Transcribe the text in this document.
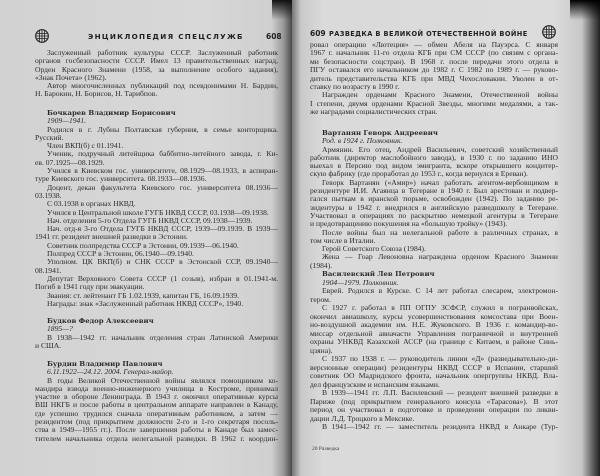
ЭНЦИКЛОПЕДИЯ СПЕЦСЛУЖБ	608
Заслуженный работник культуры СССР. Заслуженный работник
органов госбезопасности СССР. Имел 13 правительственных наград,
Орден Красного Знамени (1958, за выполнение особого задания),
«Знак Почета» (1962).
Автор многочисленных публикаций под псевдонимами Н. Бардин,
Н. Барокин, Н. Борисов, Н. Тарибпов.
Бочкарев Владимир Борисович
1909—1941.
Родился в г. Лубны Полтавская губерния, в семье конторщика.
Русский.
Член ВКП(б) с 01.1941.
Ученик, подручный литейщика баббитно-литейного завода, г. Ки-
ев. 07.1925—08.1929.
Учился в Киевском гос. университете, 08.1929—08.1933, в аспиран-
туре Киевского гос. университета. 08.1933—08.1936.
Доцент, декан факультета Киевского гос. университета 08.1936—
03.1938.
С 03.1938 в органах НКВД.
Учился в Центральной школе ГУГБ НКВД СССР, 03.1938—09.1938.
Нач. отделения 5-го Отдела ГУГБ НКВД СССР, 09.1938—1939.
Нач. отд-я 3-го Отдела ГУГБ НКВД СССР, 1939—09.1939. В 1939—
1941 гг. резидент внешней разведки в Эстонии.
Советник полпредства СССР в Эстонии, 09.1939—06.1940.
Полпред СССР в Эстонии, 06.1940—09.1940.
Уполном. ЦК ВКП(б) и СНК СССР в Эстонской ССР, 09.1940—
08.1941.
Депутат Верховного Совета СССР (1 созыв), избран в 01.1941-м.
Погиб в 1941 году при эвакуации.
Звания: ст. лейтенант ГБ 1.02.1939, капитан ГБ, 16.09.1939.
Награды: знак «Заслуженный работник НКВД СССР», 1940.
Будков Федор Алексеевич
1895—?
В 1938—1942 гг. начальник отделения стран Латинской Америки
и США.
Бурдин Владимир Павлович
6.11.1922—24.12. 2004. Генерал-майор.
В годы Великой Отечественной войны являлся помощником ко-
мандира взвода военно-инженерного училища в Костроме, принимал
участие в обороне Ленинграда. В 1943 г. окончил оперативные курсы
ВШ НКГБ и после работы в центральном аппарате направлен в Канаду,
где успешно трудился сначала оперативным работником, а затем —
резидентом (под прикрытием должности 2-го и 1-го секретаря посоль-
ства в 1949—1955 гг.). После завершения работы в Канаде был замес-
тителем начальника отдела нелегальной разведки. В 1962 г. координ-
609 РАЗВЕДКА В ВЕЛИКОЙ ОТЕЧЕСТВЕННОЙ ВОЙНЕ
ровал операцию «Лютеция» — обмен Абеля на Пауэрса. С января
1967 г. начальник 11-го отдела КГБ при СМ СССР (по связям с органа-
ми безопасности соцстран). В 1968 г. после передачи этого отдела в
ПГУ оставался его начальником до 1982 г. С 1982 по 1989 г. — руково-
дитель представительства КГБ при МВД Чехословакии. Уволен в от-
ставку по возрасту в 1990 г.
Награжден орденами Красного Знамени, Отечественной войны
I степени, двумя орденами Красной Звезды, многими медалями, а так-
же наградами социалистических стран.
Вартанян Геворк Андреевич
Род. в 1924 г. Полковник.
Армянин. Его отец, Андрей Васильевич, советский хозяйственный
работник (директор маслобойного завода), в 1930 г. по заданию ИНО
выехал в Персию под видом эмигранта, вскоре открывшего кондитер-
скую фабрику (где проработал до 1953 г., когда вернулся в Ереван).
Геворк Вартанян («Амир») начал работать агентом-вербовщиком в
резидентуре И.И. Агаянца в Тегеране в 1940 г. Был арестован и подвер-
гался пыткам в иранской тюрьме, освобожден (1942). По заданию ре-
зидентуры в 1942 г. внедрился в английскую разведшколу в Тегеране.
Участвовал в операциях по раскрытию немецкой агентуры в Тегеране
и предотвращению покушения на «большую тройку» (1943).
После войны был на нелегальной работе в различных странах, в
том числе в Италии.
Герой Советского Союза (1984).
Жена — Гоар Левоновна награждена орденом Красного Знамени
(1984).
Василевский Лев Петрович
1904—1979. Полковник.
Еврей. Родился в Курске. С 14 лет работал слесарем, электромон-
тером.
С 1927 г. работал в ПП ОГПУ ЗСФСР, служил в погранвойсках,
окончил авиашколу, курсы усовершенствования комсостава при Воен-
но-воздушной академии им. Н.Е. Жуковского. В 1936 г. командир-во-
миссар отдельной авиачасти Управления пограничной и внутренней
охраны УНКВД Казахской АССР (на границе с Китаем, в районе Синь-
цзяна).
С 1937 по 1938 г. — руководитель линии «Д» (разведывательно-ди-
версионные операции) резидентуры НКВД СССР в Испании, старший
советник ОО Мадридского фронта, начальник опергруппы НКВД. Вла-
дел французским и испанским языками.
В 1939—1941 гг. Л.П. Василевский — резидент внешней разведки в
Париже (под прикрытием генерального консула «Тарасова»). В этот
период он участвовал в подготовке и проведении операции по ликви-
дации Л.Д. Троцкого в Мексике.
В 1941—1942 гг. — заместитель резидента НКВД в Анкаре (Тур-
20 Разведка
